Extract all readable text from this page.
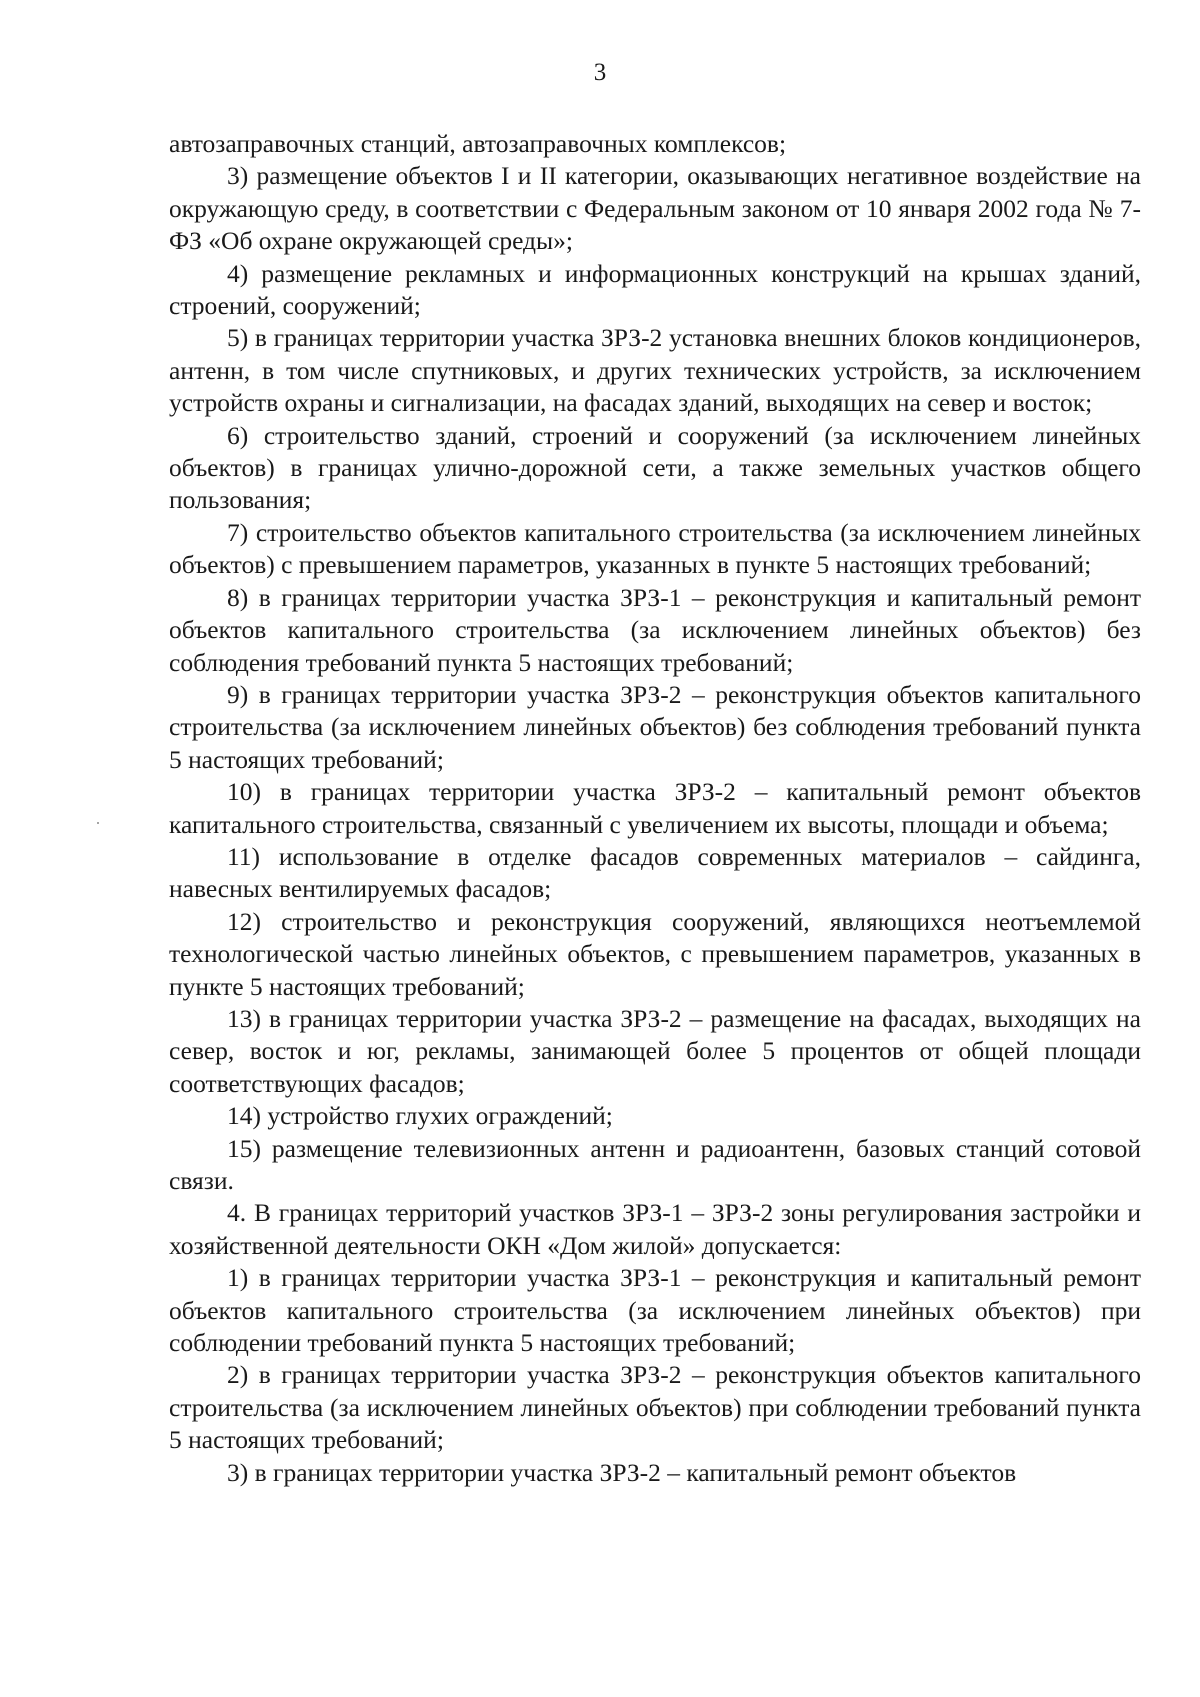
3

автозаправочных станций, автозаправочных комплексов;

3) размещение объектов I и II категории, оказывающих негативное воздействие на окружающую среду, в соответствии с Федеральным законом от 10 января 2002 года № 7-ФЗ «Об охране окружающей среды»;

4) размещение рекламных и информационных конструкций на крышах зданий, строений, сооружений;

5) в границах территории участка ЗРЗ-2 установка внешних блоков кондиционеров, антенн, в том числе спутниковых, и других технических устройств, за исключением устройств охраны и сигнализации, на фасадах зданий, выходящих на север и восток;

6) строительство зданий, строений и сооружений (за исключением линейных объектов) в границах улично-дорожной сети, а также земельных участков общего пользования;

7) строительство объектов капитального строительства (за исключением линейных объектов) с превышением параметров, указанных в пункте 5 настоящих требований;

8) в границах территории участка ЗРЗ-1 – реконструкция и капитальный ремонт объектов капитального строительства (за исключением линейных объектов) без соблюдения требований пункта 5 настоящих требований;

9) в границах территории участка ЗРЗ-2 – реконструкция объектов капитального строительства (за исключением линейных объектов) без соблюдения требований пункта 5 настоящих требований;

10) в границах территории участка ЗРЗ-2 – капитальный ремонт объектов капитального строительства, связанный с увеличением их высоты, площади и объема;

11) использование в отделке фасадов современных материалов – сайдинга, навесных вентилируемых фасадов;

12) строительство и реконструкция сооружений, являющихся неотъемлемой технологической частью линейных объектов, с превышением параметров, указанных в пункте 5 настоящих требований;

13) в границах территории участка ЗРЗ-2 – размещение на фасадах, выходящих на север, восток и юг, рекламы, занимающей более 5 процентов от общей площади соответствующих фасадов;

14) устройство глухих ограждений;

15) размещение телевизионных антенн и радиоантенн, базовых станций сотовой связи.

4. В границах территорий участков ЗРЗ-1 – ЗРЗ-2 зоны регулирования застройки и хозяйственной деятельности ОКН «Дом жилой» допускается:

1) в границах территории участка ЗРЗ-1 – реконструкция и капитальный ремонт объектов капитального строительства (за исключением линейных объектов) при соблюдении требований пункта 5 настоящих требований;

2) в границах территории участка ЗРЗ-2 – реконструкция объектов капитального строительства (за исключением линейных объектов) при соблюдении требований пункта 5 настоящих требований;

3) в границах территории участка ЗРЗ-2 – капитальный ремонт объектов
